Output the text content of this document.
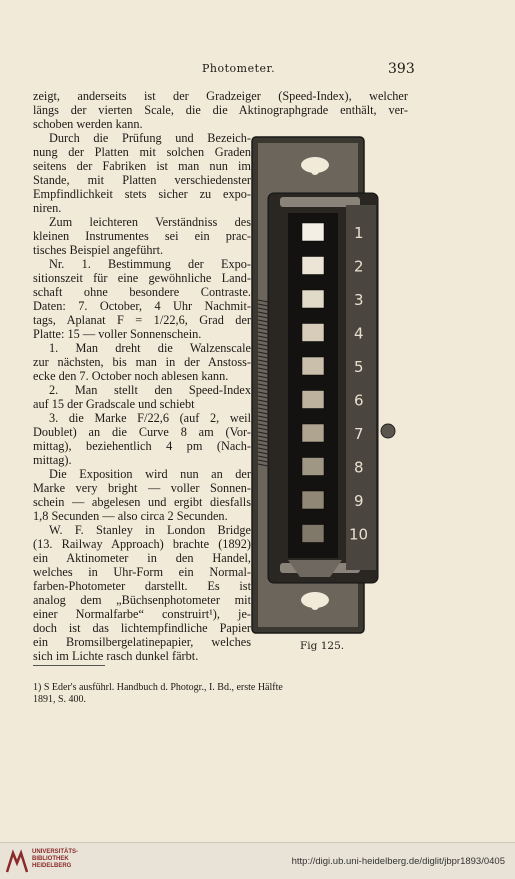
Photometer.	393
zeigt, anderseits ist der Gradzeiger (Speed-Index), welcher
längs der vierten Scale, die die Aktinographgrade enthält, ver-
schoben werden kann.
Durch die Prüfung und Bezeich-
nung der Platten mit solchen Graden
seitens der Fabriken ist man nun im
Stande, mit Platten verschiedenster
Empfindlichkeit stets sicher zu expo-
niren.
Zum leichteren Verständniss des
kleinen Instrumentes sei ein prac-
tisches Beispiel angeführt.
Nr. 1. Bestimmung der Expo-
sitionszeit für eine gewöhnliche Land-
schaft ohne besondere Contraste.
Daten: 7. October, 4 Uhr Nachmit-
tags, Aplanat F = 1/22,6, Grad der
Platte: 15 — voller Sonnenschein.
1. Man dreht die Walzenscale
zur nächsten, bis man in der Anstoss-
ecke den 7. October noch ablesen kann.
2. Man stellt den Speed-Index
auf 15 der Gradscale und schiebt
3. die Marke F/22,6 (auf 2, weil
Doublet) an die Curve 8 am (Vor-
mittag), beziehentlich 4 pm (Nach-
mittag).
Die Exposition wird nun an der
Marke very bright — voller Sonnen-
schein — abgelesen und ergibt diesfalls
1,8 Secunden — also circa 2 Secunden.
W. F. Stanley in London Bridge
(13. Railway Approach) brachte (1892)
ein Aktinometer in den Handel,
welches in Uhr-Form ein Normal-
farben-Photometer darstellt. Es ist
analog dem „Büchsenphotometer mit
einer Normalfarbe“ construirt¹), je-
doch ist das lichtempfindliche Papier
ein Bromsilbergelatinepapier, welches
sich im Lichte rasch dunkel färbt.
1
2
3
4
5
6
7
8
9
10
Fig 125.
1) S Eder's ausführl. Handbuch d. Photogr., I. Bd., erste Hälfte
1891, S. 400.
UNIVERSITÄTS-
BIBLIOTHEK
HEIDELBERG	http://digi.ub.uni-heidelberg.de/diglit/jbpr1893/0405
